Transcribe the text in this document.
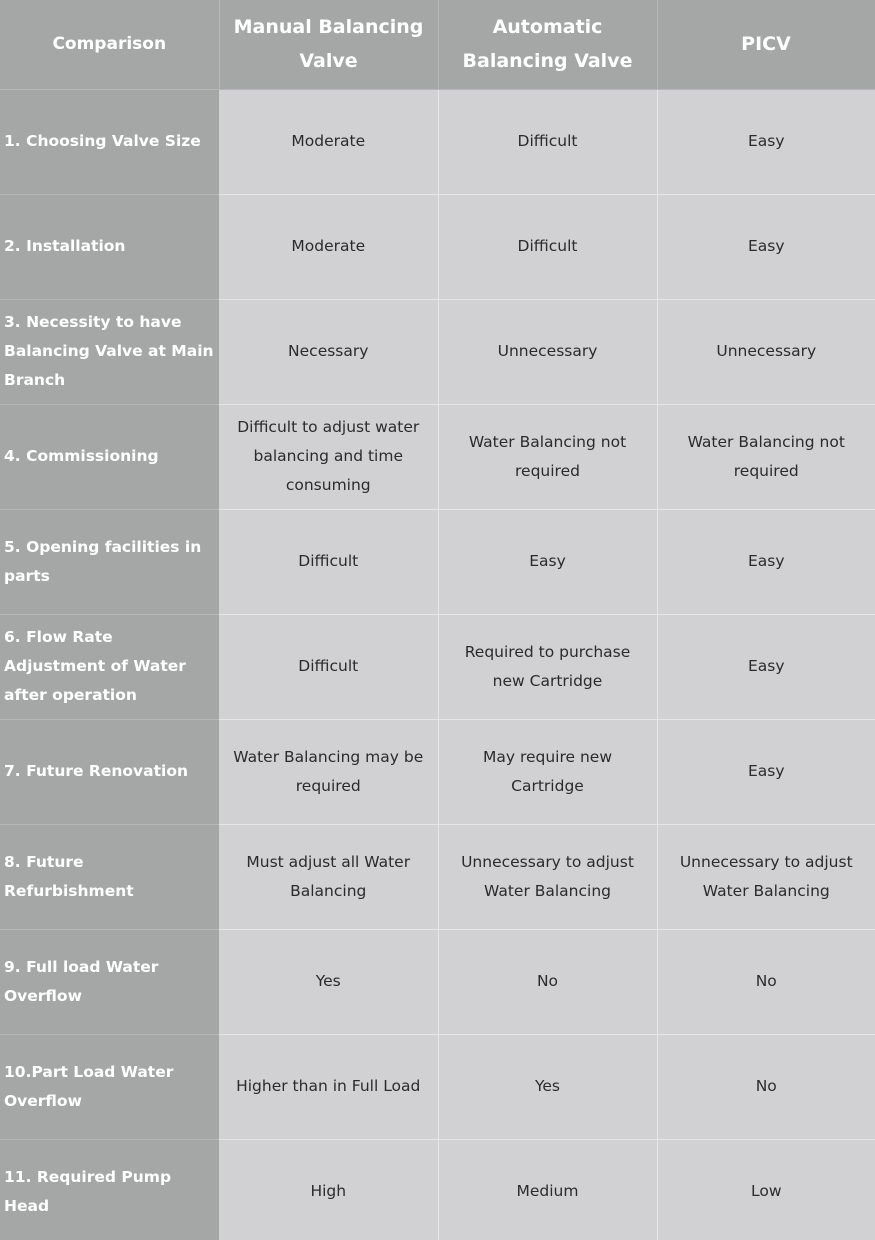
Comparison	Manual Balancing Valve	Automatic Balancing Valve	PICV
1. Choosing Valve Size	Moderate	Difficult	Easy
2. Installation	Moderate	Difficult	Easy
3. Necessity to have Balancing Valve at Main Branch	Necessary	Unnecessary	Unnecessary
4. Commissioning	Difficult to adjust water balancing and time consuming	Water Balancing not required	Water Balancing not required
5. Opening facilities in parts	Difficult	Easy	Easy
6. Flow Rate Adjustment of Water after operation	Difficult	Required to purchase new Cartridge	Easy
7. Future Renovation	Water Balancing may be required	May require new Cartridge	Easy
8. Future Refurbishment	Must adjust all Water Balancing	Unnecessary to adjust Water Balancing	Unnecessary to adjust Water Balancing
9. Full load Water Overflow	Yes	No	No
10.Part Load Water Overflow	Higher than in Full Load	Yes	No
11. Required Pump Head	High	Medium	Low
